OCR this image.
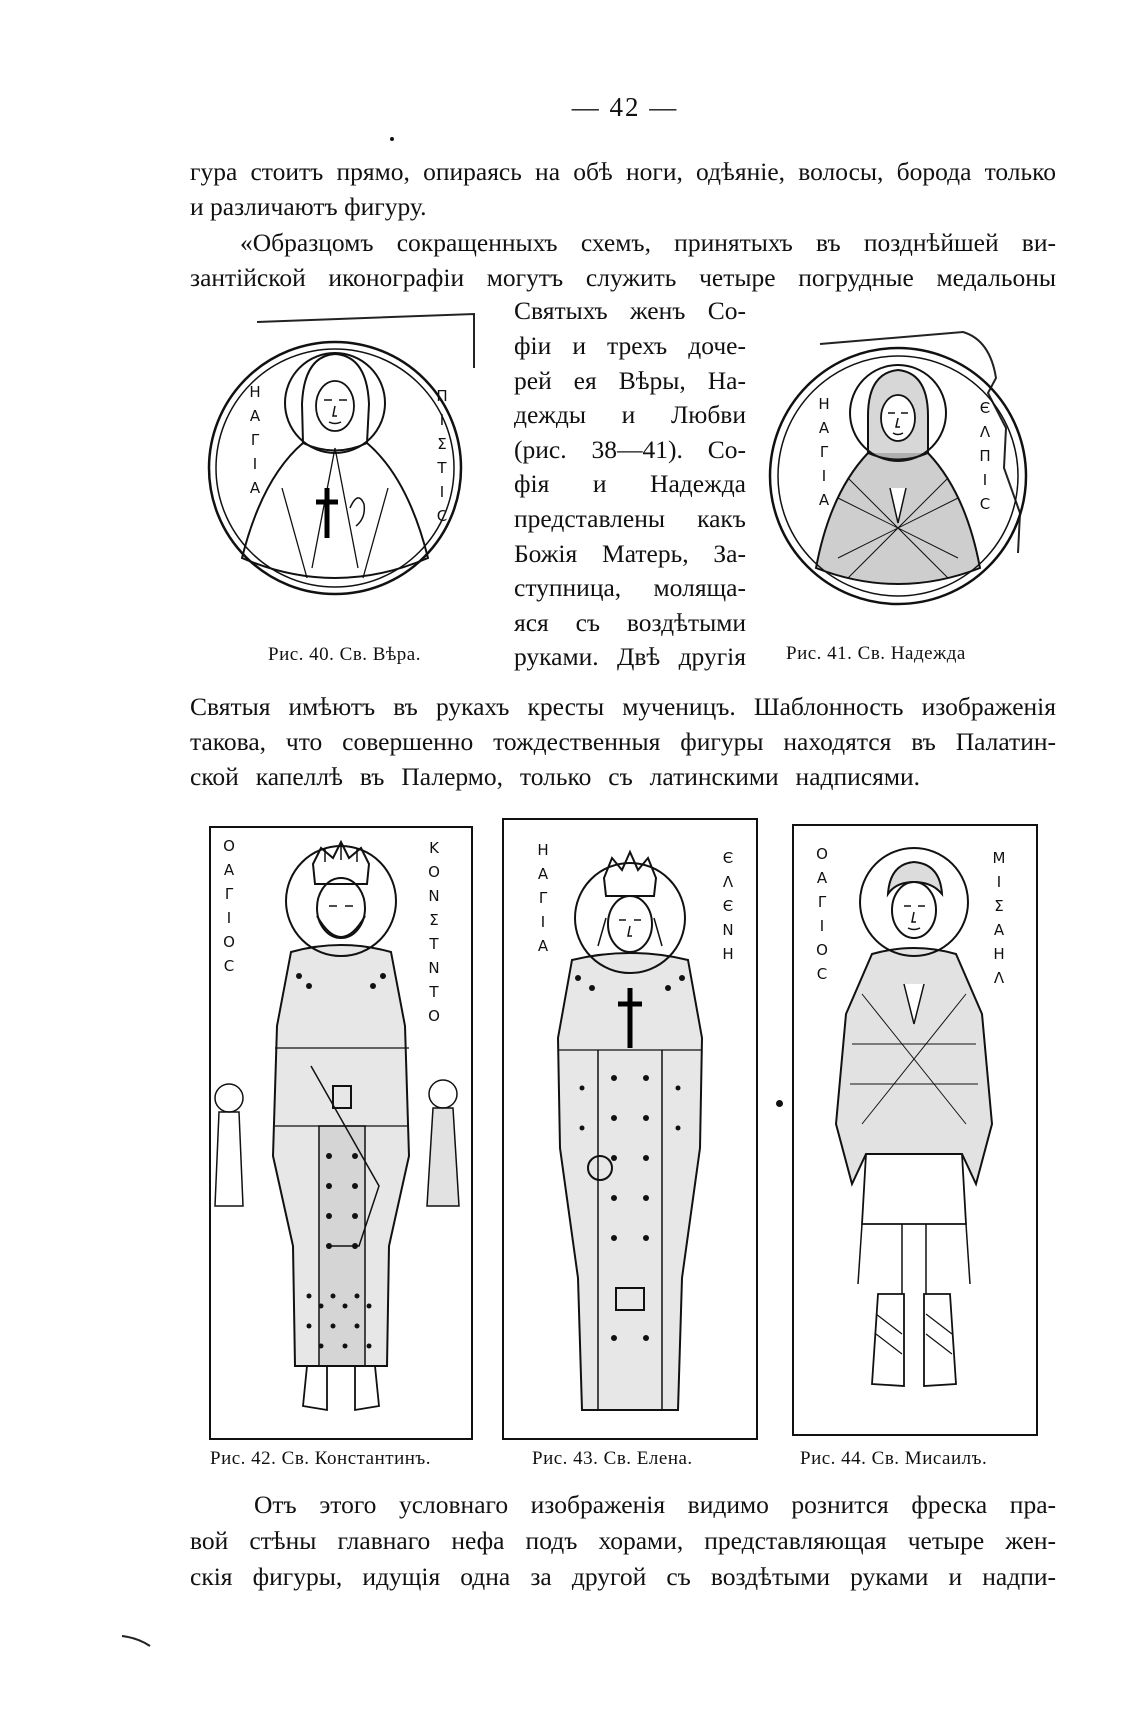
— 42 —
гура стоитъ прямо, опираясь на обѣ ноги, одѣяніе, волосы, борода только
и различаютъ фигуру.
«Образцомъ сокращенныхъ схемъ, принятыхъ въ позднѣйшей ви-
зантійской иконографіи могутъ служить четыре погрудные медальоны
Святыхъ женъ Со-
фіи и трехъ доче-
рей ея Вѣры, На-
дежды и Любви
(рис. 38—41). Со-
фія и Надежда
представлены какъ
Божія Матерь, За-
ступница, моляща-
яся съ воздѣтыми
руками. Двѣ другія
H
A
Γ
I
A
Π
I
Σ
T
I
C
Рис. 40. Св. Вѣра.
H
A
Γ
I
A
Є
Λ
Π
I
C
Рис. 41. Св. Надежда
Святыя имѣютъ въ рукахъ кресты мученицъ. Шаблонность изображенія
такова, что совершенно тождественныя фигуры находятся въ Палатин-
ской капеллѣ въ Палермо, только съ латинскими надписями.
O
A
Γ
I
O
C
K
O
N
Σ
T
N
T
O
Рис. 42. Св. Константинъ.
H
A
Γ
I
A
Є
Λ
Є
N
H
Рис. 43. Св. Елена.
O
A
Γ
I
O
C
M
I
Σ
A
H
Λ
Рис. 44. Св. Мисаилъ.
Отъ этого условнаго изображенія видимо рознится фреска пра-
вой стѣны главнаго нефа подъ хорами, представляющая четыре жен-
скія фигуры, идущія одна за другой съ воздѣтыми руками и надпи-
